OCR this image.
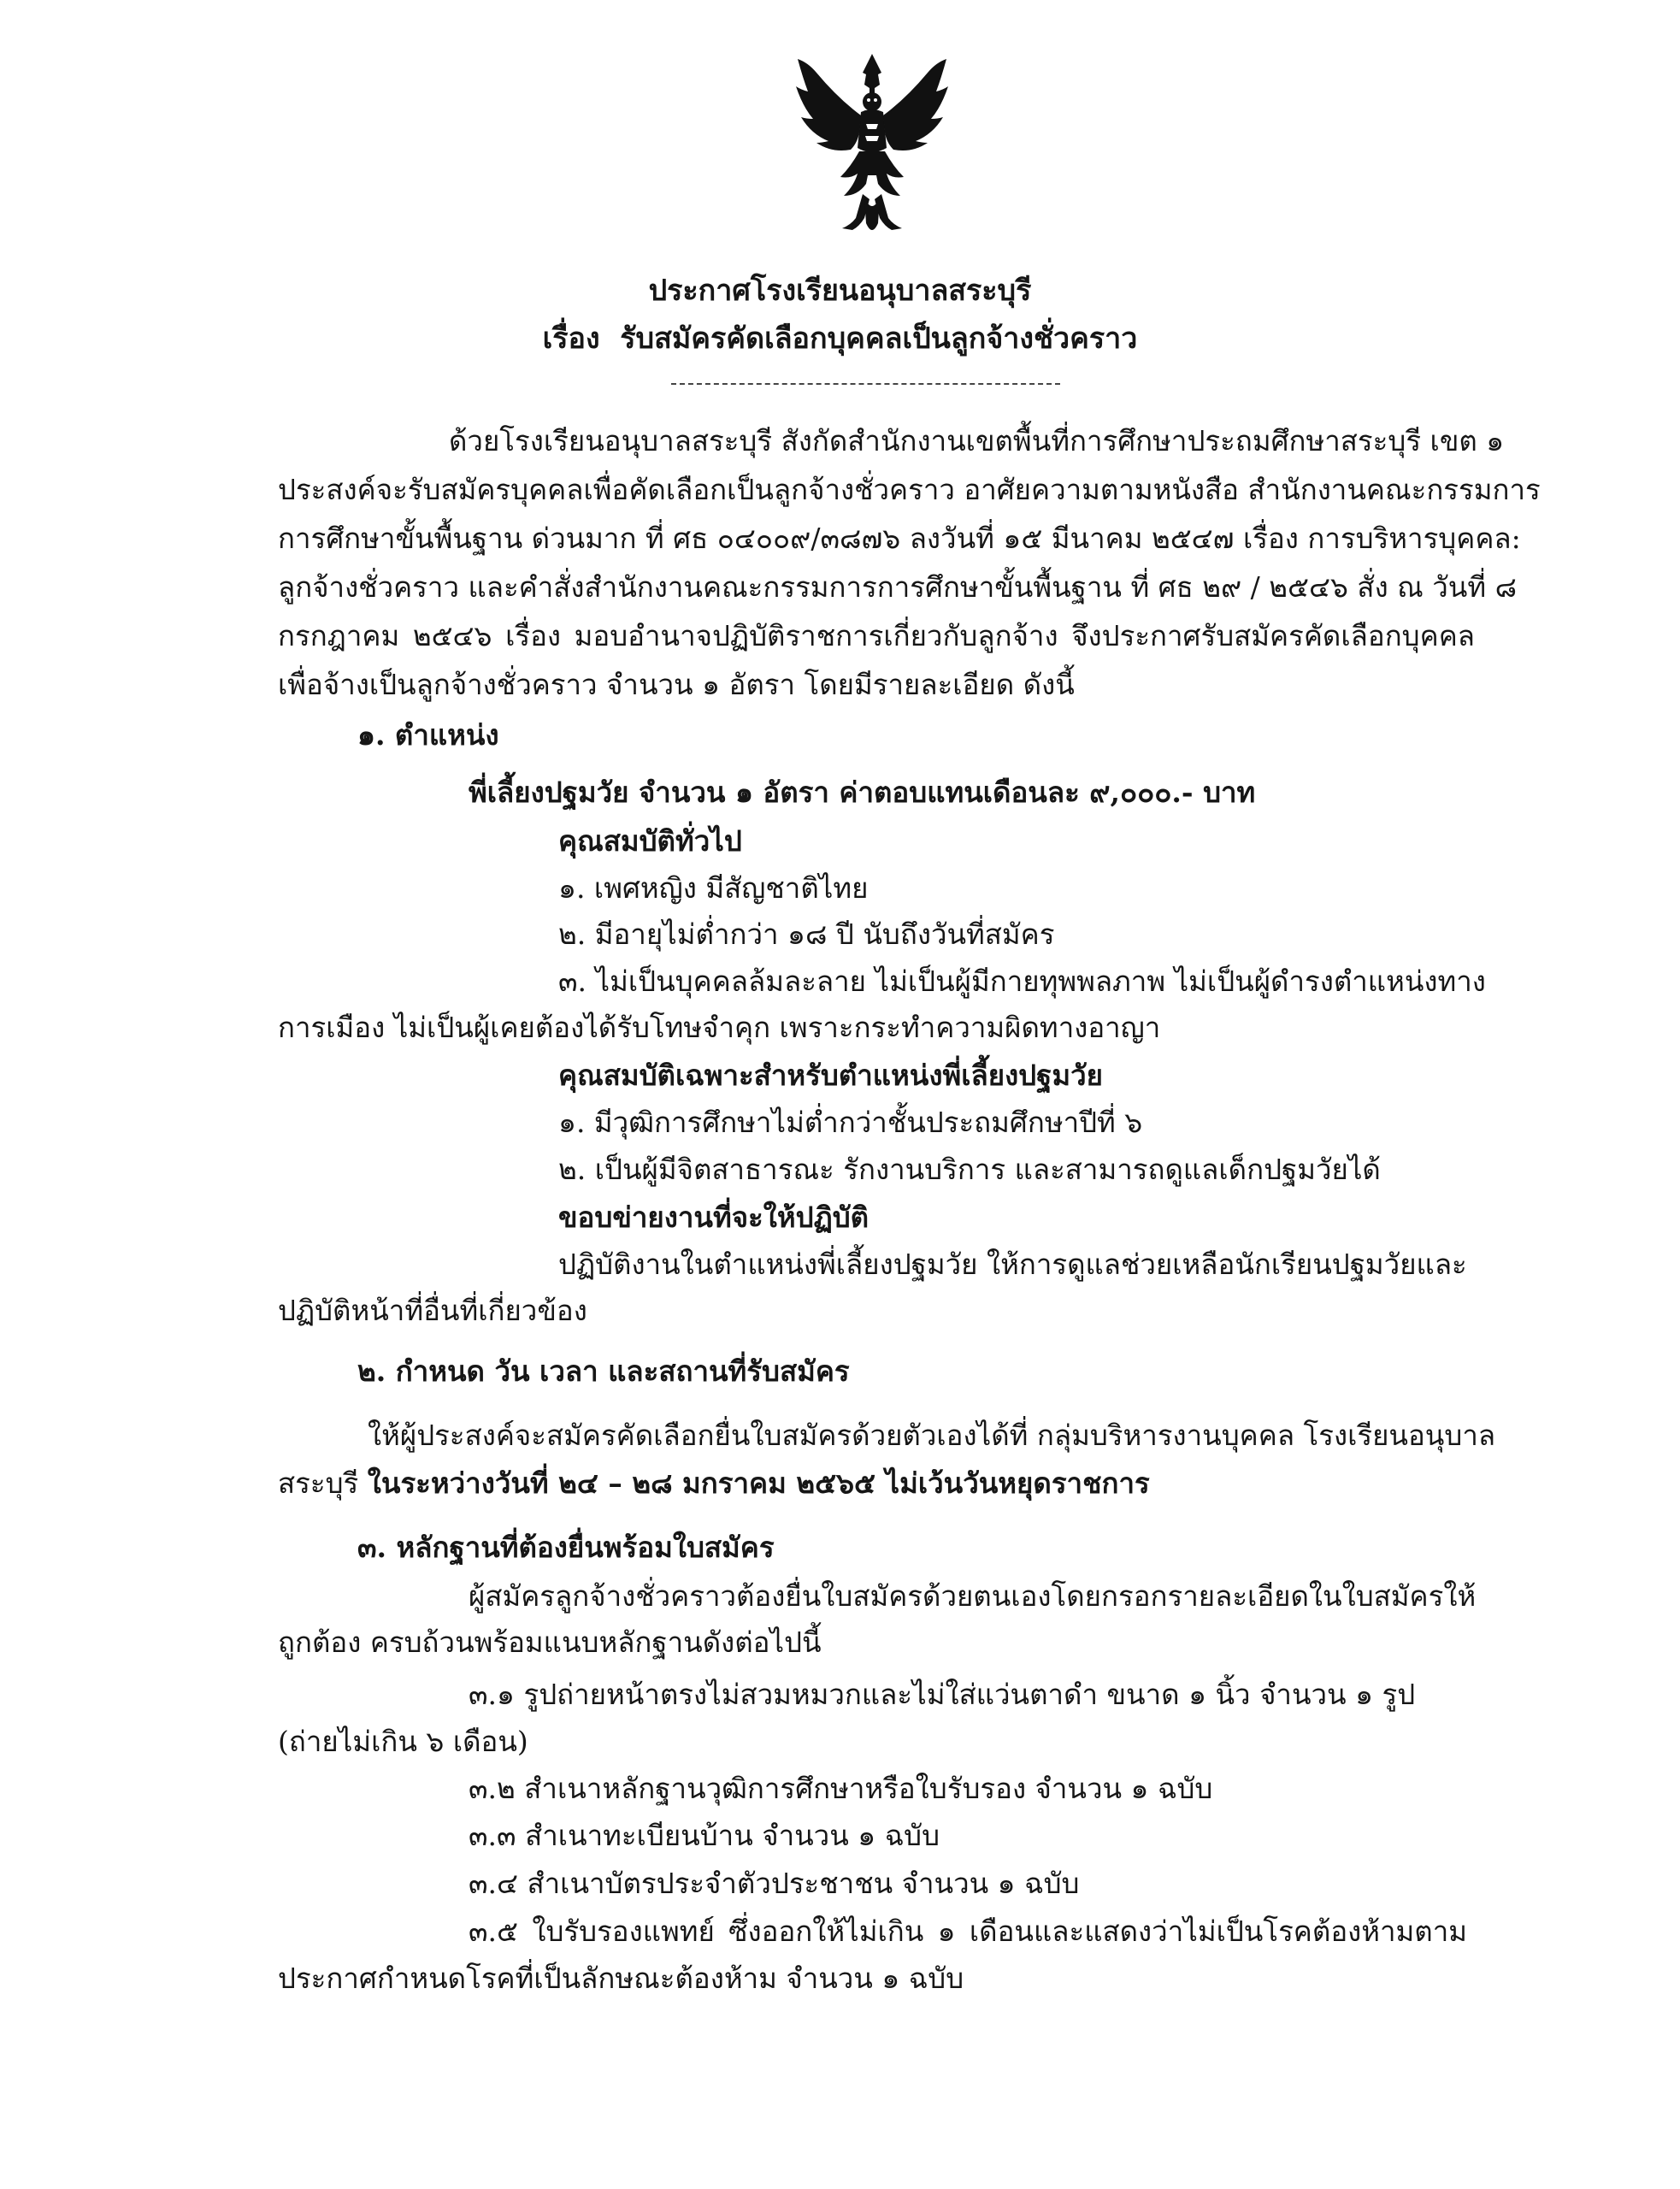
ประกาศโรงเรียนอนุบาลสระบุรี
เรื่อง รับสมัครคัดเลือกบุคคลเป็นลูกจ้างชั่วคราว
ด้วยโรงเรียนอนุบาลสระบุรี สังกัดสำนักงานเขตพื้นที่การศึกษาประถมศึกษาสระบุรี เขต ๑
ประสงค์จะรับสมัครบุคคลเพื่อคัดเลือกเป็นลูกจ้างชั่วคราว อาศัยความตามหนังสือ สำนักงานคณะกรรมการ
การศึกษาขั้นพื้นฐาน ด่วนมาก ที่ ศธ ๐๔๐๐๙/๓๘๗๖ ลงวันที่ ๑๕ มีนาคม ๒๕๔๗ เรื่อง การบริหารบุคคล:
ลูกจ้างชั่วคราว และคำสั่งสำนักงานคณะกรรมการการศึกษาขั้นพื้นฐาน ที่ ศธ ๒๙ / ๒๕๔๖ สั่ง ณ วันที่ ๘
กรกฎาคม ๒๕๔๖ เรื่อง มอบอำนาจปฏิบัติราชการเกี่ยวกับลูกจ้าง จึงประกาศรับสมัครคัดเลือกบุคคล
เพื่อจ้างเป็นลูกจ้างชั่วคราว จำนวน ๑ อัตรา โดยมีรายละเอียด ดังนี้
๑. ตำแหน่ง
พี่เลี้ยงปฐมวัย จำนวน ๑ อัตรา ค่าตอบแทนเดือนละ ๙,๐๐๐.- บาท
คุณสมบัติทั่วไป
๑. เพศหญิง มีสัญชาติไทย
๒. มีอายุไม่ต่ำกว่า ๑๘ ปี นับถึงวันที่สมัคร
๓. ไม่เป็นบุคคลล้มละลาย ไม่เป็นผู้มีกายทุพพลภาพ ไม่เป็นผู้ดำรงตำแหน่งทาง
การเมือง ไม่เป็นผู้เคยต้องได้รับโทษจำคุก เพราะกระทำความผิดทางอาญา
คุณสมบัติเฉพาะสำหรับตำแหน่งพี่เลี้ยงปฐมวัย
๑. มีวุฒิการศึกษาไม่ต่ำกว่าชั้นประถมศึกษาปีที่ ๖
๒. เป็นผู้มีจิตสาธารณะ รักงานบริการ และสามารถดูแลเด็กปฐมวัยได้
ขอบข่ายงานที่จะให้ปฏิบัติ
ปฏิบัติงานในตำแหน่งพี่เลี้ยงปฐมวัย ให้การดูแลช่วยเหลือนักเรียนปฐมวัยและ
ปฏิบัติหน้าที่อื่นที่เกี่ยวข้อง
๒. กำหนด วัน เวลา และสถานที่รับสมัคร
ให้ผู้ประสงค์จะสมัครคัดเลือกยื่นใบสมัครด้วยตัวเองได้ที่ กลุ่มบริหารงานบุคคล โรงเรียนอนุบาล
สระบุรี ในระหว่างวันที่ ๒๔ – ๒๘ มกราคม ๒๕๖๕ ไม่เว้นวันหยุดราชการ
๓. หลักฐานที่ต้องยื่นพร้อมใบสมัคร
ผู้สมัครลูกจ้างชั่วคราวต้องยื่นใบสมัครด้วยตนเองโดยกรอกรายละเอียดในใบสมัครให้
ถูกต้อง ครบถ้วนพร้อมแนบหลักฐานดังต่อไปนี้
๓.๑ รูปถ่ายหน้าตรงไม่สวมหมวกและไม่ใส่แว่นตาดำ ขนาด ๑ นิ้ว จำนวน ๑ รูป
(ถ่ายไม่เกิน ๖ เดือน)
๓.๒ สำเนาหลักฐานวุฒิการศึกษาหรือใบรับรอง จำนวน ๑ ฉบับ
๓.๓ สำเนาทะเบียนบ้าน จำนวน ๑ ฉบับ
๓.๔ สำเนาบัตรประจำตัวประชาชน จำนวน ๑ ฉบับ
๓.๕ ใบรับรองแพทย์ ซึ่งออกให้ไม่เกิน ๑ เดือนและแสดงว่าไม่เป็นโรคต้องห้ามตาม
ประกาศกำหนดโรคที่เป็นลักษณะต้องห้าม จำนวน ๑ ฉบับ
